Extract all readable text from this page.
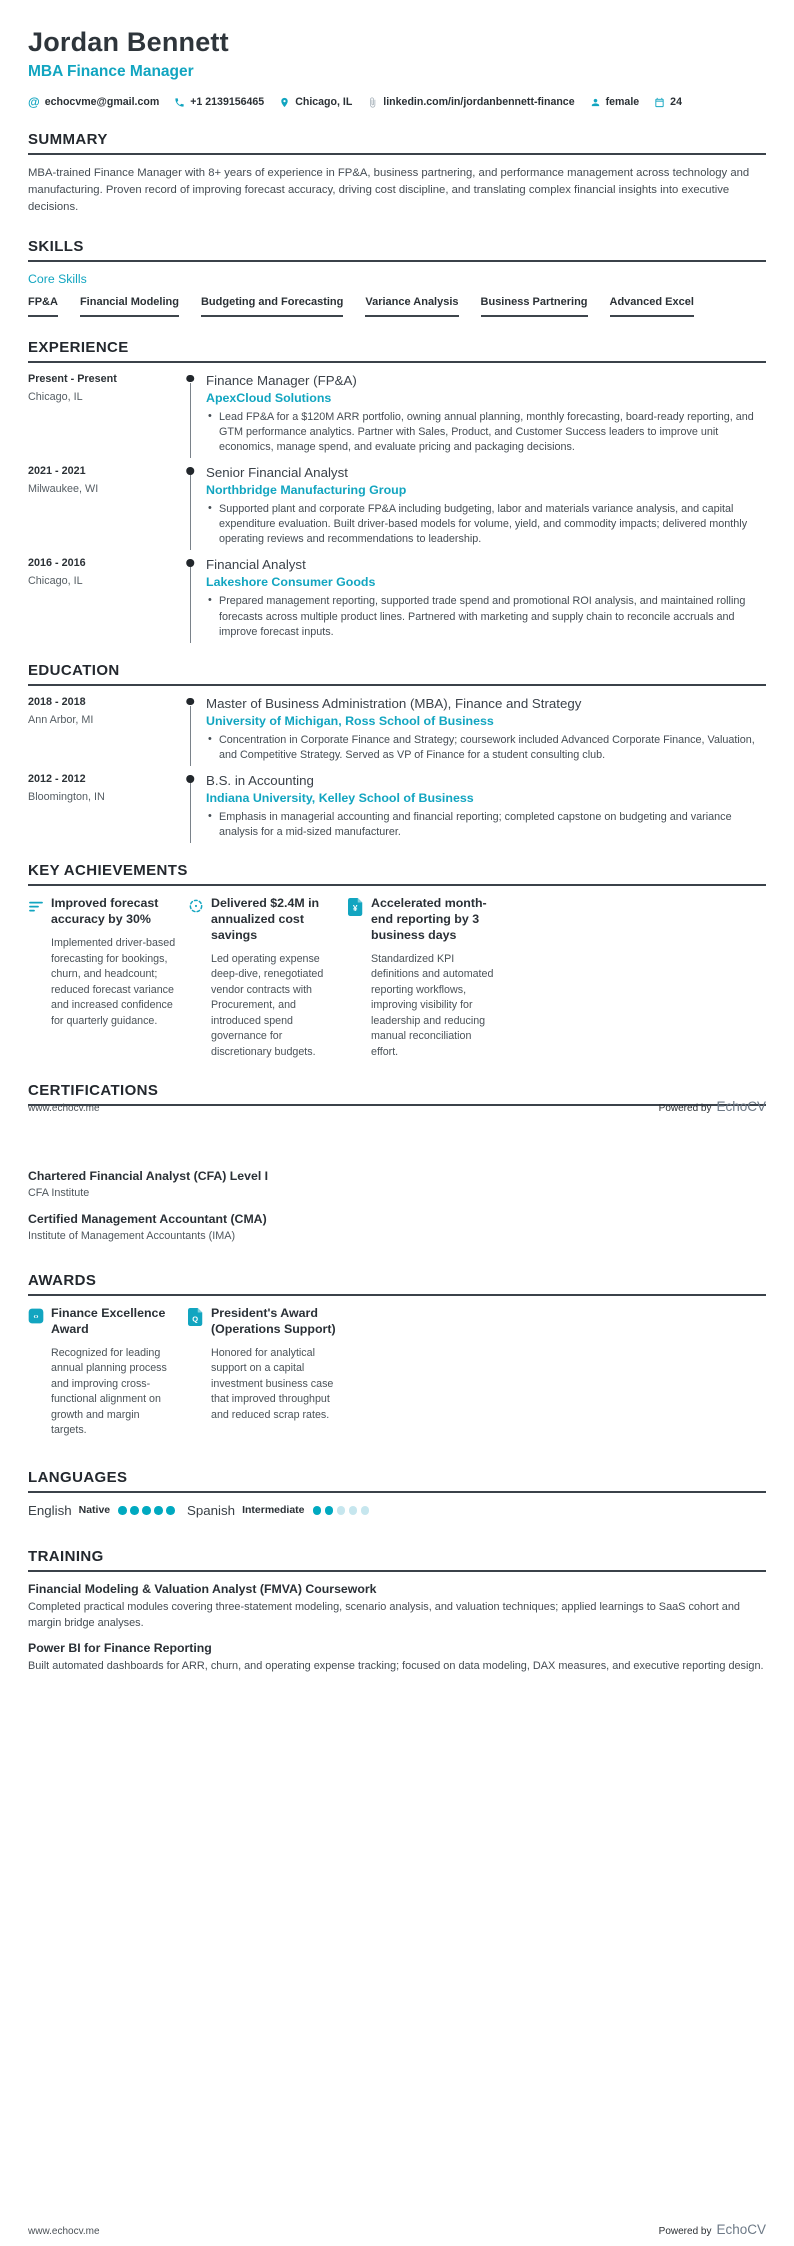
Jordan Bennett
MBA Finance Manager
@ echocvme@gmail.com	+1 2139156465	Chicago, IL	linkedin.com/in/jordanbennett-finance	female	24
SUMMARY
MBA-trained Finance Manager with 8+ years of experience in FP&A, business partnering, and performance management across technology and manufacturing. Proven record of improving forecast accuracy, driving cost discipline, and translating complex financial insights into executive decisions.
SKILLS
Core Skills
FP&A Financial Modeling Budgeting and Forecasting Variance Analysis Business Partnering Advanced Excel
EXPERIENCE
Present - Present
Chicago, IL
Finance Manager (FP&A)
ApexCloud Solutions
• Lead FP&A for a $120M ARR portfolio, owning annual planning, monthly forecasting, board-ready reporting, and GTM performance analytics. Partner with Sales, Product, and Customer Success leaders to improve unit economics, manage spend, and evaluate pricing and packaging decisions.
2021 - 2021
Milwaukee, WI
Senior Financial Analyst
Northbridge Manufacturing Group
• Supported plant and corporate FP&A including budgeting, labor and materials variance analysis, and capital expenditure evaluation. Built driver-based models for volume, yield, and commodity impacts; delivered monthly operating reviews and recommendations to leadership.
2016 - 2016
Chicago, IL
Financial Analyst
Lakeshore Consumer Goods
• Prepared management reporting, supported trade spend and promotional ROI analysis, and maintained rolling forecasts across multiple product lines. Partnered with marketing and supply chain to reconcile accruals and improve forecast inputs.
EDUCATION
2018 - 2018
Ann Arbor, MI
Master of Business Administration (MBA), Finance and Strategy
University of Michigan, Ross School of Business
• Concentration in Corporate Finance and Strategy; coursework included Advanced Corporate Finance, Valuation, and Competitive Strategy. Served as VP of Finance for a student consulting club.
2012 - 2012
Bloomington, IN
B.S. in Accounting
Indiana University, Kelley School of Business
• Emphasis in managerial accounting and financial reporting; completed capstone on budgeting and variance analysis for a mid-sized manufacturer.
KEY ACHIEVEMENTS
Improved forecast accuracy by 30%
Implemented driver-based forecasting for bookings, churn, and headcount; reduced forecast variance and increased confidence for quarterly guidance.
Delivered $2.4M in annualized cost savings
Led operating expense deep-dive, renegotiated vendor contracts with Procurement, and introduced spend governance for discretionary budgets.
¥ Accelerated month-end reporting by 3 business days
Standardized KPI definitions and automated reporting workflows, improving visibility for leadership and reducing manual reconciliation effort.
CERTIFICATIONS
www.echocv.me	Powered by EchoCV
Chartered Financial Analyst (CFA) Level I
CFA Institute
Certified Management Accountant (CMA)
Institute of Management Accountants (IMA)
AWARDS
‹› Finance Excellence Award
Recognized for leading annual planning process and improving cross-functional alignment on growth and margin targets.
Q President's Award (Operations Support)
Honored for analytical support on a capital investment business case that improved throughput and reduced scrap rates.
LANGUAGES
English Native	Spanish Intermediate
TRAINING
Financial Modeling & Valuation Analyst (FMVA) Coursework
Completed practical modules covering three-statement modeling, scenario analysis, and valuation techniques; applied learnings to SaaS cohort and margin bridge analyses.
Power BI for Finance Reporting
Built automated dashboards for ARR, churn, and operating expense tracking; focused on data modeling, DAX measures, and executive reporting design.
www.echocv.me	Powered by EchoCV
